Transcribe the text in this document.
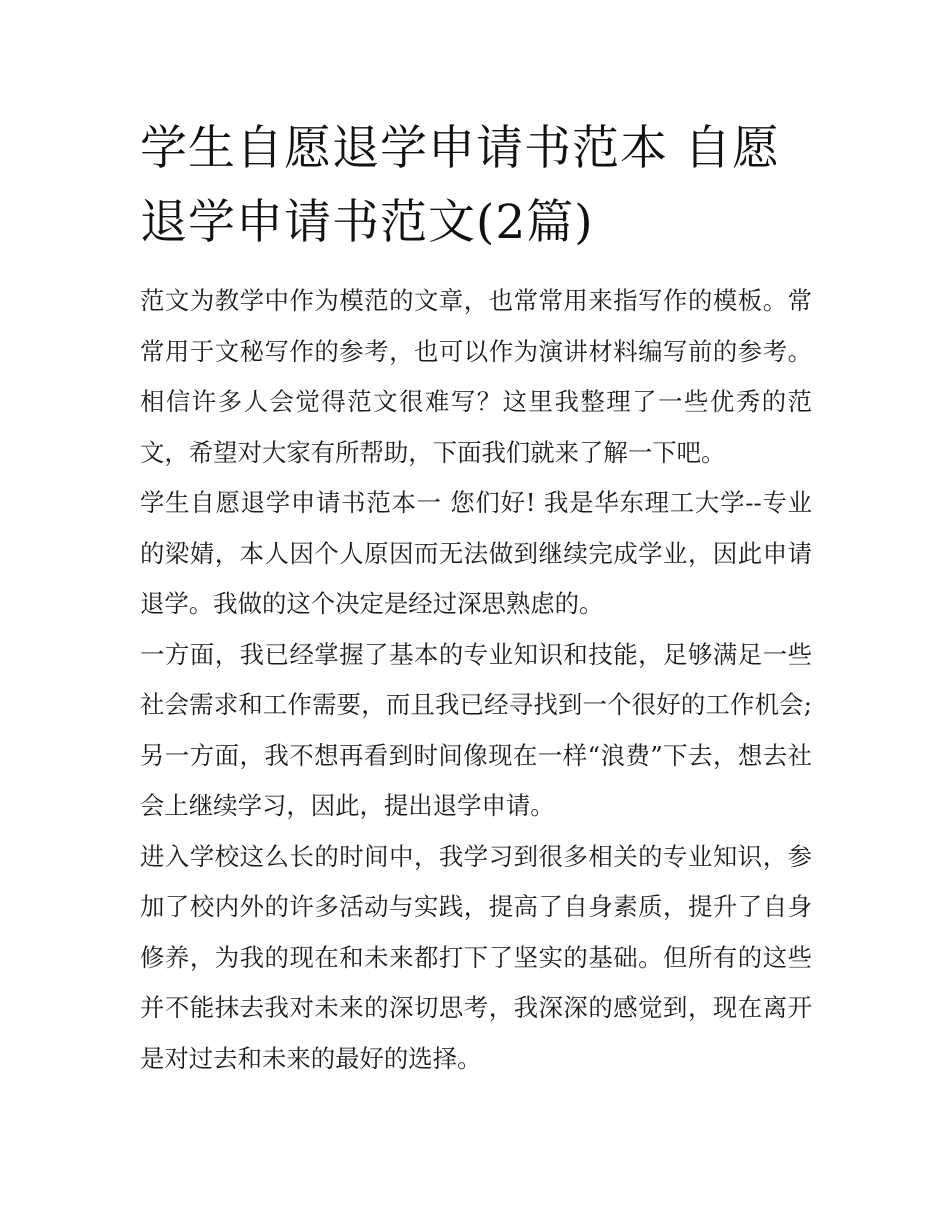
学生自愿退学申请书范本 自愿退学申请书范文(2篇)

范文为教学中作为模范的文章，也常常用来指写作的模板。常常用于文秘写作的参考，也可以作为演讲材料编写前的参考。相信许多人会觉得范文很难写？这里我整理了一些优秀的范文，希望对大家有所帮助，下面我们就来了解一下吧。

学生自愿退学申请书范本一 您们好! 我是华东理工大学--专业的梁婧，本人因个人原因而无法做到继续完成学业，因此申请退学。我做的这个决定是经过深思熟虑的。

一方面，我已经掌握了基本的专业知识和技能，足够满足一些社会需求和工作需要，而且我已经寻找到一个很好的工作机会;另一方面，我不想再看到时间像现在一样“浪费”下去，想去社会上继续学习，因此，提出退学申请。

进入学校这么长的时间中，我学习到很多相关的专业知识，参加了校内外的许多活动与实践，提高了自身素质，提升了自身修养，为我的现在和未来都打下了坚实的基础。但所有的这些并不能抹去我对未来的深切思考，我深深的感觉到，现在离开是对过去和未来的最好的选择。
